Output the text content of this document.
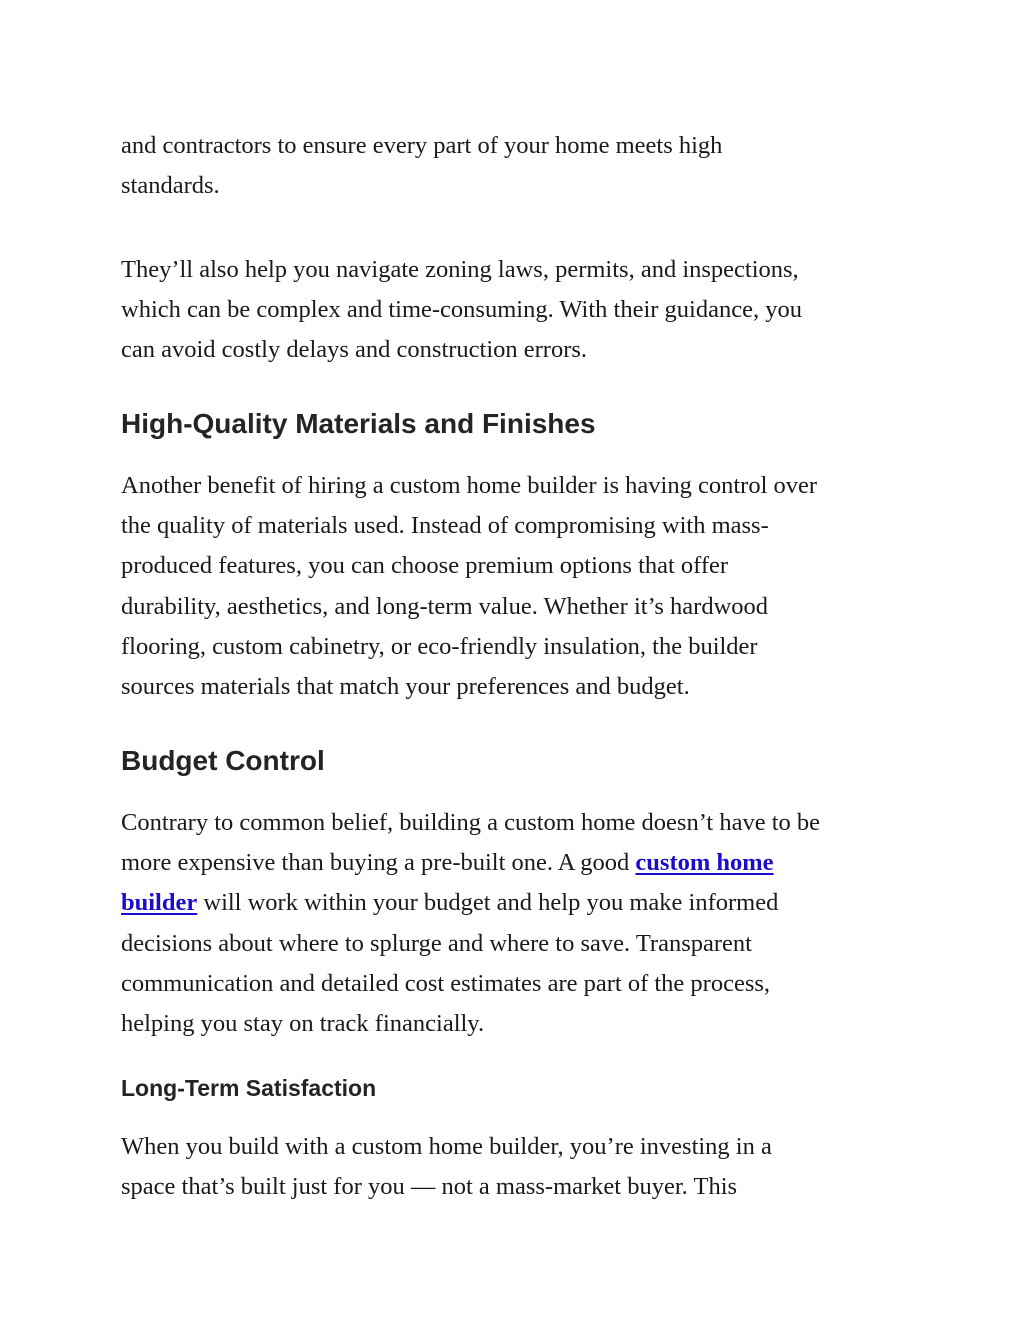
and contractors to ensure every part of your home meets high
standards.
They’ll also help you navigate zoning laws, permits, and inspections,
which can be complex and time-consuming. With their guidance, you
can avoid costly delays and construction errors.
High-Quality Materials and Finishes
Another benefit of hiring a custom home builder is having control over
the quality of materials used. Instead of compromising with mass-
produced features, you can choose premium options that offer
durability, aesthetics, and long-term value. Whether it’s hardwood
flooring, custom cabinetry, or eco-friendly insulation, the builder
sources materials that match your preferences and budget.
Budget Control
Contrary to common belief, building a custom home doesn’t have to be
more expensive than buying a pre-built one. A good custom home
builder will work within your budget and help you make informed
decisions about where to splurge and where to save. Transparent
communication and detailed cost estimates are part of the process,
helping you stay on track financially.
Long-Term Satisfaction
When you build with a custom home builder, you’re investing in a
space that’s built just for you — not a mass-market buyer. This
